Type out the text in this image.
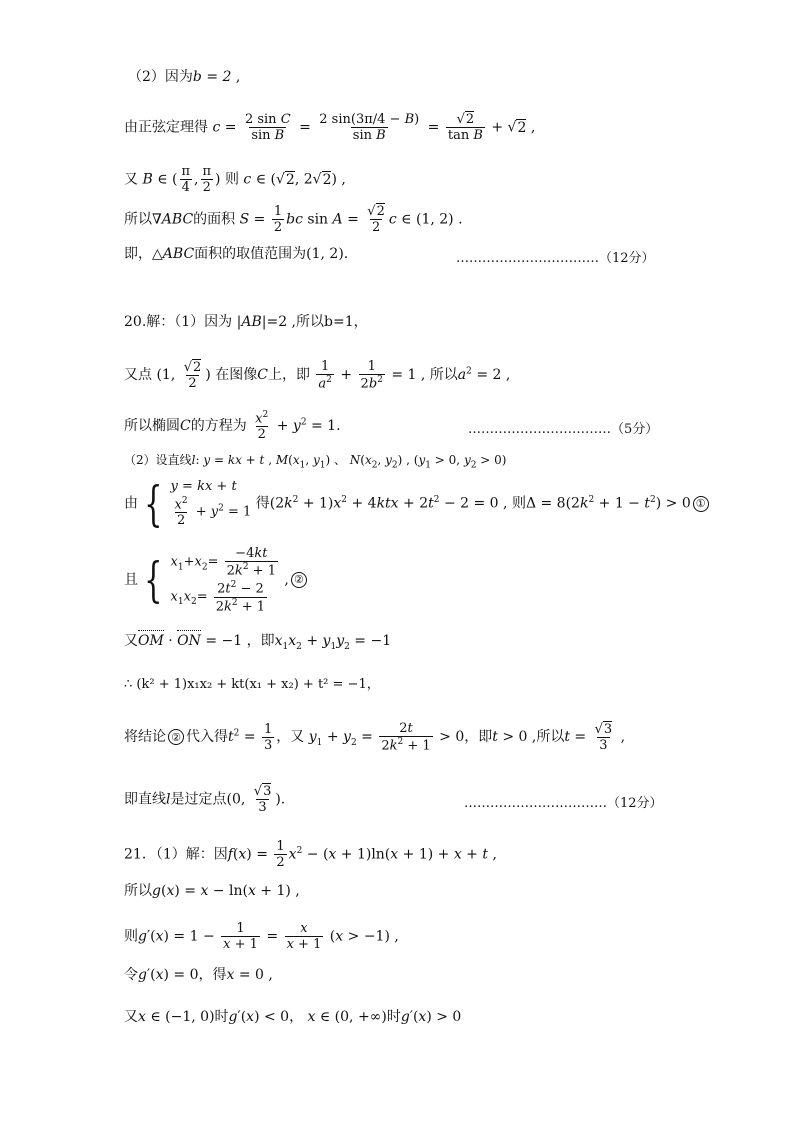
（2）因为b = 2 ,
由正弦定理得 $c = \frac{\text{2 sin C}}{\text{sin B}} = \frac{2 \sin(3\pi/4 - B)}{\text{sin B}} = \frac{√2}{\text{tan B}} + √2$ ,
又 B ∈ ( $\frac{\pi}{4}$ , $\frac{\pi}{2}$ ) 则 c ∈ (√2, 2√2) ,
所以∇ABC的面积 $S = \frac{1}{2}$ bc $\sin A = \frac{√2}{2}$ c ∈ (1, 2) .
即，△ABC面积的取值范围为(1, 2).	……………………………（12分）
20.解：（1）因为 |AB|=2 ,所以b=1，
又点 (1, $\frac{√2}{2}$ ) 在图像C上，即 $\frac{1}{a^2} + \frac{1}{2b^2} = 1$ , 所以$a^2 = 2$ ,
所以椭圆C的方程为 $\frac{x^2}{2} + y^2 = 1$.	……………………………（5分）
（2）设直线l: y = kx + t , $M(x_1$, $y_1$) 、 $N(x_2$, $y_2$) , ($y_1 > 0$, $y_2 > 0$)
由 { y = kx + t
$\frac{x^2}{2} + y^2 = 1$
得$(2k^2 + 1)x^2 + 4ktx + 2t^2 - 2 = 0$ , 则$\Delta = 8(2k^2 + 1 - t^2) > 0$ ①
且 { $x_1+x_2= \frac{-4kt}{2k^2 + 1}$
$x_1x_2= \frac{2t^2 - 2}{2k^2 + 1}$
, ②
又OM · ON = −1 ，即$x_1x_2 + y_1y_2 = -1$
∴ (k² + 1)x₁x₂ + kt(x₁ + x₂) + t² = −1，
将结论 ② 代入得$t^2 = \frac{1}{3}$ ，又 $y_1 + y_2 = \frac{2t}{2k^2 + 1} > 0$，即t > 0 ,所以$t = \frac{√3}{3}$ ,
即直线l是过定点(0, $\frac{√3}{3}$ ).	……………………………（12分）
21．（1）解：因$f(x) = \frac{1}{2} x^2 - (x + 1)\ln(x + 1) + x + t$ ,
所以g(x) = x − ln(x + 1) ,
则$g'(x) = 1 - \frac{1}{x + 1} = \frac{x}{x + 1} (x > -1)$ ,
令g′(x) = 0，得x = 0 ,
又x ∈ (−1, 0)时g′(x) < 0， x ∈ (0, +∞)时g′(x) > 0
